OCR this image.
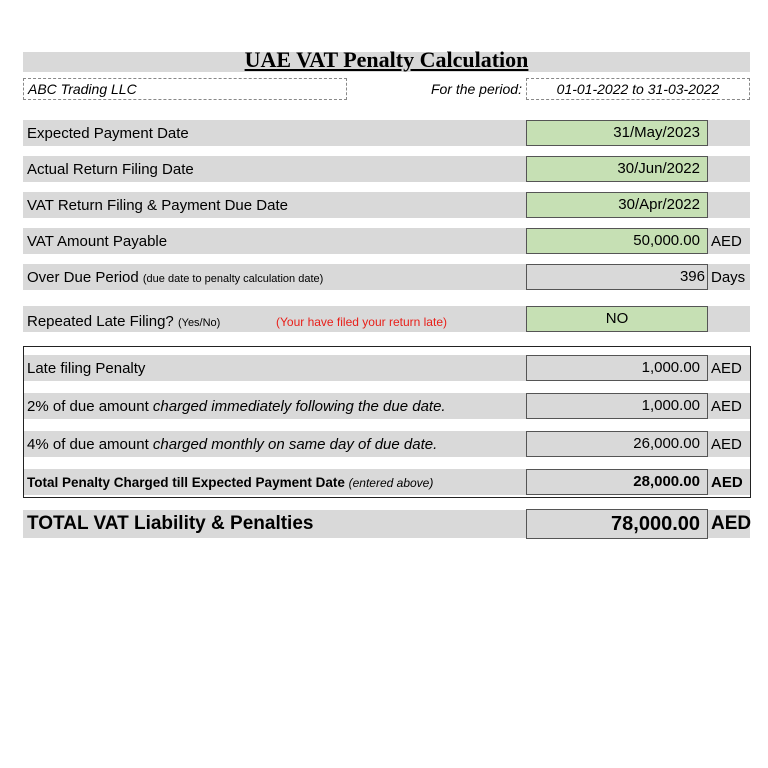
UAE VAT Penalty Calculation
ABC Trading LLC	For the period:	01-01-2022 to 31-03-2022
Expected Payment Date	31/May/2023
Actual Return Filing Date	30/Jun/2022
VAT Return Filing & Payment Due Date	30/Apr/2022
VAT Amount Payable	50,000.00 AED
Over Due Period (due date to penalty calculation date)	396 Days
Repeated Late Filing? (Yes/No)	(Your have filed your return late)	NO
Late filing Penalty	1,000.00 AED
2% of due amount charged immediately following the due date.	1,000.00 AED
4% of due amount charged monthly on same day of due date.	26,000.00 AED
Total Penalty Charged till Expected Payment Date (entered above)	28,000.00 AED
TOTAL VAT Liability & Penalties	78,000.00 AED
